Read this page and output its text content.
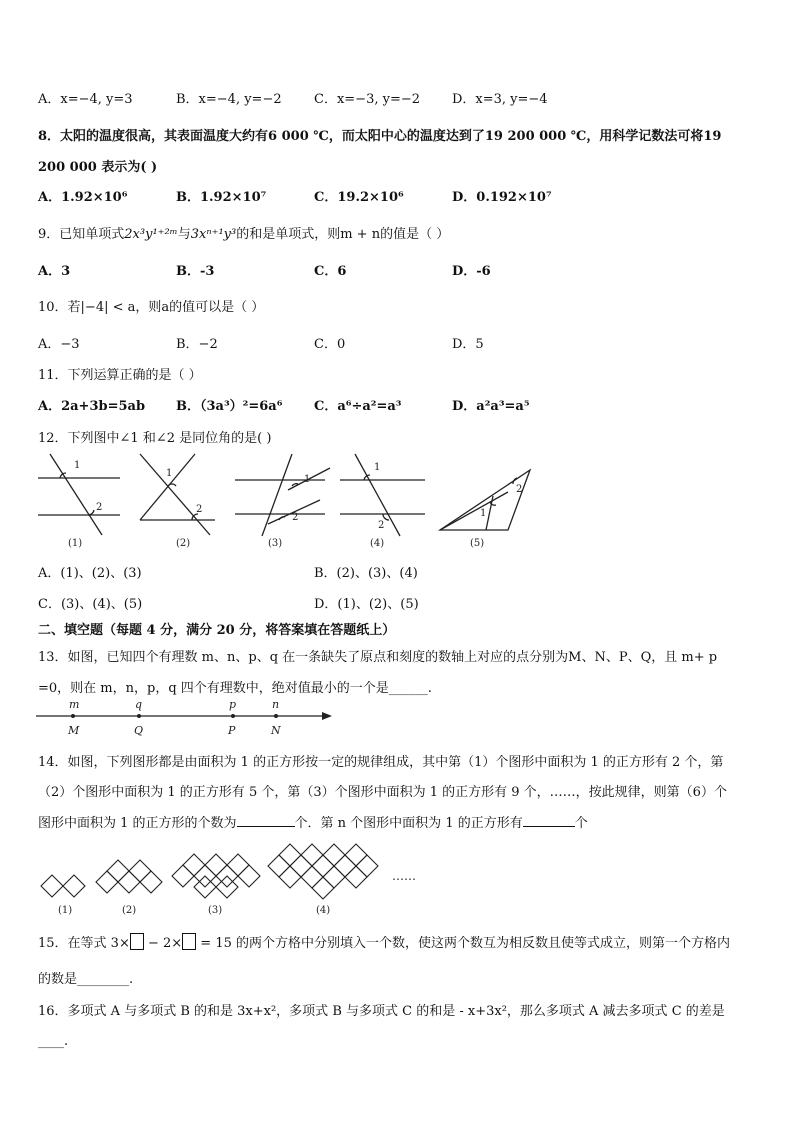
A．x=−4, y=3	B．x=−4, y=−2 C．x=−3, y=−2 D．x=3, y=−4
8．太阳的温度很高，其表面温度大约有6 000 ℃，而太阳中心的温度达到了19 200 000 ℃，用科学记数法可将19
200 000 表示为( )
A．1.92×10⁶	B．1.92×10⁷	C．19.2×10⁶	D．0.192×10⁷
9．已知单项式2x³y¹⁺²ᵐ与3xⁿ⁺¹y³的和是单项式，则m + n的值是（ ）
A．3	B．-3	C．6	D．-6
10．若|−4| < a，则a的值可以是（ ）
A．−3	B．−2	C．0	D．5
11．下列运算正确的是（ ）
A．2a+3b=5ab B．（3a³）²=6a⁶ C．a⁶÷a²=a³	D．a²a³=a⁵
12．下列图中∠1 和∠2 是同位角的是( )
1
2
1
2
1
2
1
2
1
2
(1)	(2)	(3)	(4)	(5)
A．(1)、(2)、(3)	B．(2)、(3)、(4)
C．(3)、(4)、(5)	D．(1)、(2)、(5)
二、填空题（每题 4 分，满分 20 分，将答案填在答题纸上）
13．如图，已知四个有理数 m、n、p、q 在一条缺失了原点和刻度的数轴上对应的点分别为M、N、P、Q，且 m+ p
=0，则在 m，n，p，q 四个有理数中，绝对值最小的一个是______.
m	q	p	n
M	Q	P	N
14．如图，下列图形都是由面积为 1 的正方形按一定的规律组成，其中第（1）个图形中面积为 1 的正方形有 2 个，第
（2）个图形中面积为 1 的正方形有 5 个，第（3）个图形中面积为 1 的正方形有 9 个，……，按此规律，则第（6）个
图形中面积为 1 的正方形的个数为	个．第 n 个图形中面积为 1 的正方形有	个
(1)	(2)	(3)	(4)
……
15．在等式 3× − 2× = 15 的两个方格中分别填入一个数，使这两个数互为相反数且使等式成立，则第一个方格内
的数是________.
16．多项式 A 与多项式 B 的和是 3x+x²，多项式 B 与多项式 C 的和是 - x+3x²，那么多项式 A 减去多项式 C 的差是
____.
